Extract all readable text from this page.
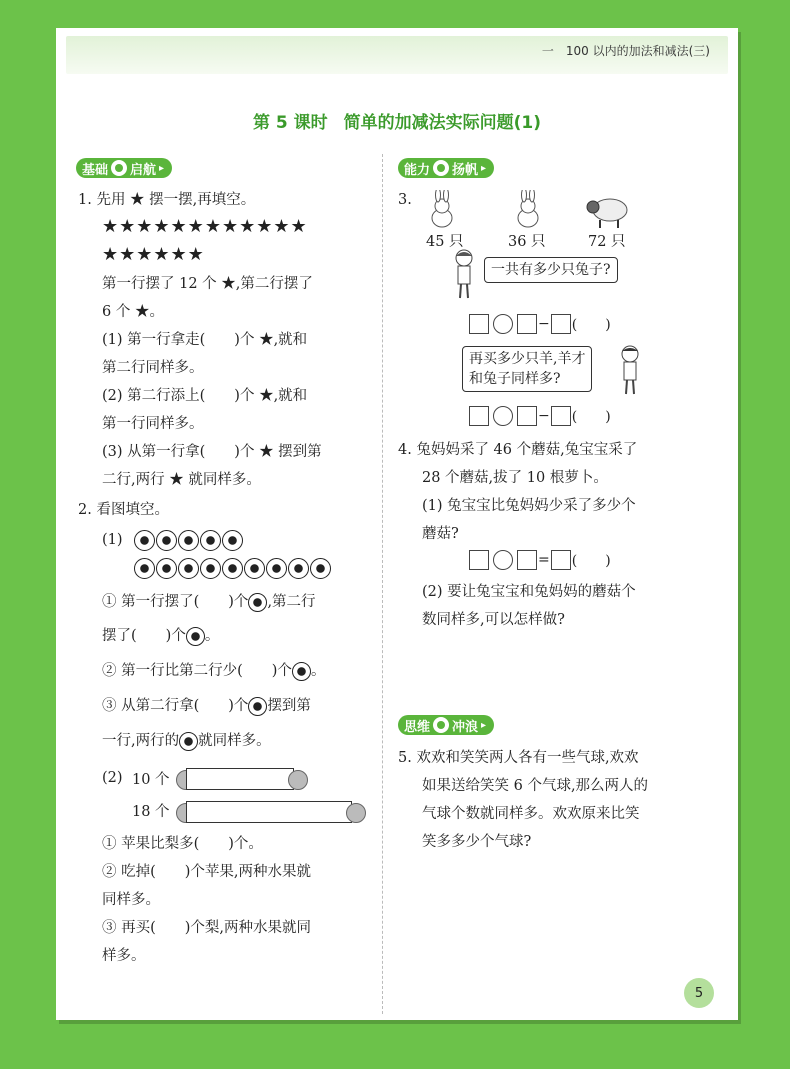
一　100 以内的加法和减法(三)
第 5 课时 简单的加减法实际问题(1)
基础 启航 ▸	能力 扬帆 ▸
思维 冲浪 ▸
1. 先用 ★ 摆一摆,再填空。
★★★★★★★★★★★★
★★★★★★
第一行摆了 12 个 ★,第二行摆了
6 个 ★。
(1) 第一行拿走(　　)个 ★,就和
第二行同样多。
(2) 第二行添上(　　)个 ★,就和
第一行同样多。
(3) 从第一行拿(　　)个 ★ 摆到第
二行,两行 ★ 就同样多。
2. 看图填空。
(1)
① 第一行摆了(　　)个 ,第二行
摆了(　　)个 。
② 第一行比第二行少(　　)个 。
③ 从第二行拿(　　)个 摆到第
一行,两行的 就同样多。
(2) 10 个
18 个
① 苹果比梨多(　　)个。
② 吃掉(　　)个苹果,两种水果就
同样多。
③ 再买(　　)个梨,两种水果就同
样多。
3.
45 只	36 只	72 只
一共有多少只兔子?
− (　　)
再买多少只羊,羊才
和兔子同样多?
− (　　)
4. 兔妈妈采了 46 个蘑菇,兔宝宝采了
28 个蘑菇,拔了 10 根萝卜。
(1) 兔宝宝比兔妈妈少采了多少个
蘑菇?
= (　　)
(2) 要让兔宝宝和兔妈妈的蘑菇个
数同样多,可以怎样做?
5. 欢欢和笑笑两人各有一些气球,欢欢
如果送给笑笑 6 个气球,那么两人的
气球个数就同样多。欢欢原来比笑
笑多多少个气球?
5
